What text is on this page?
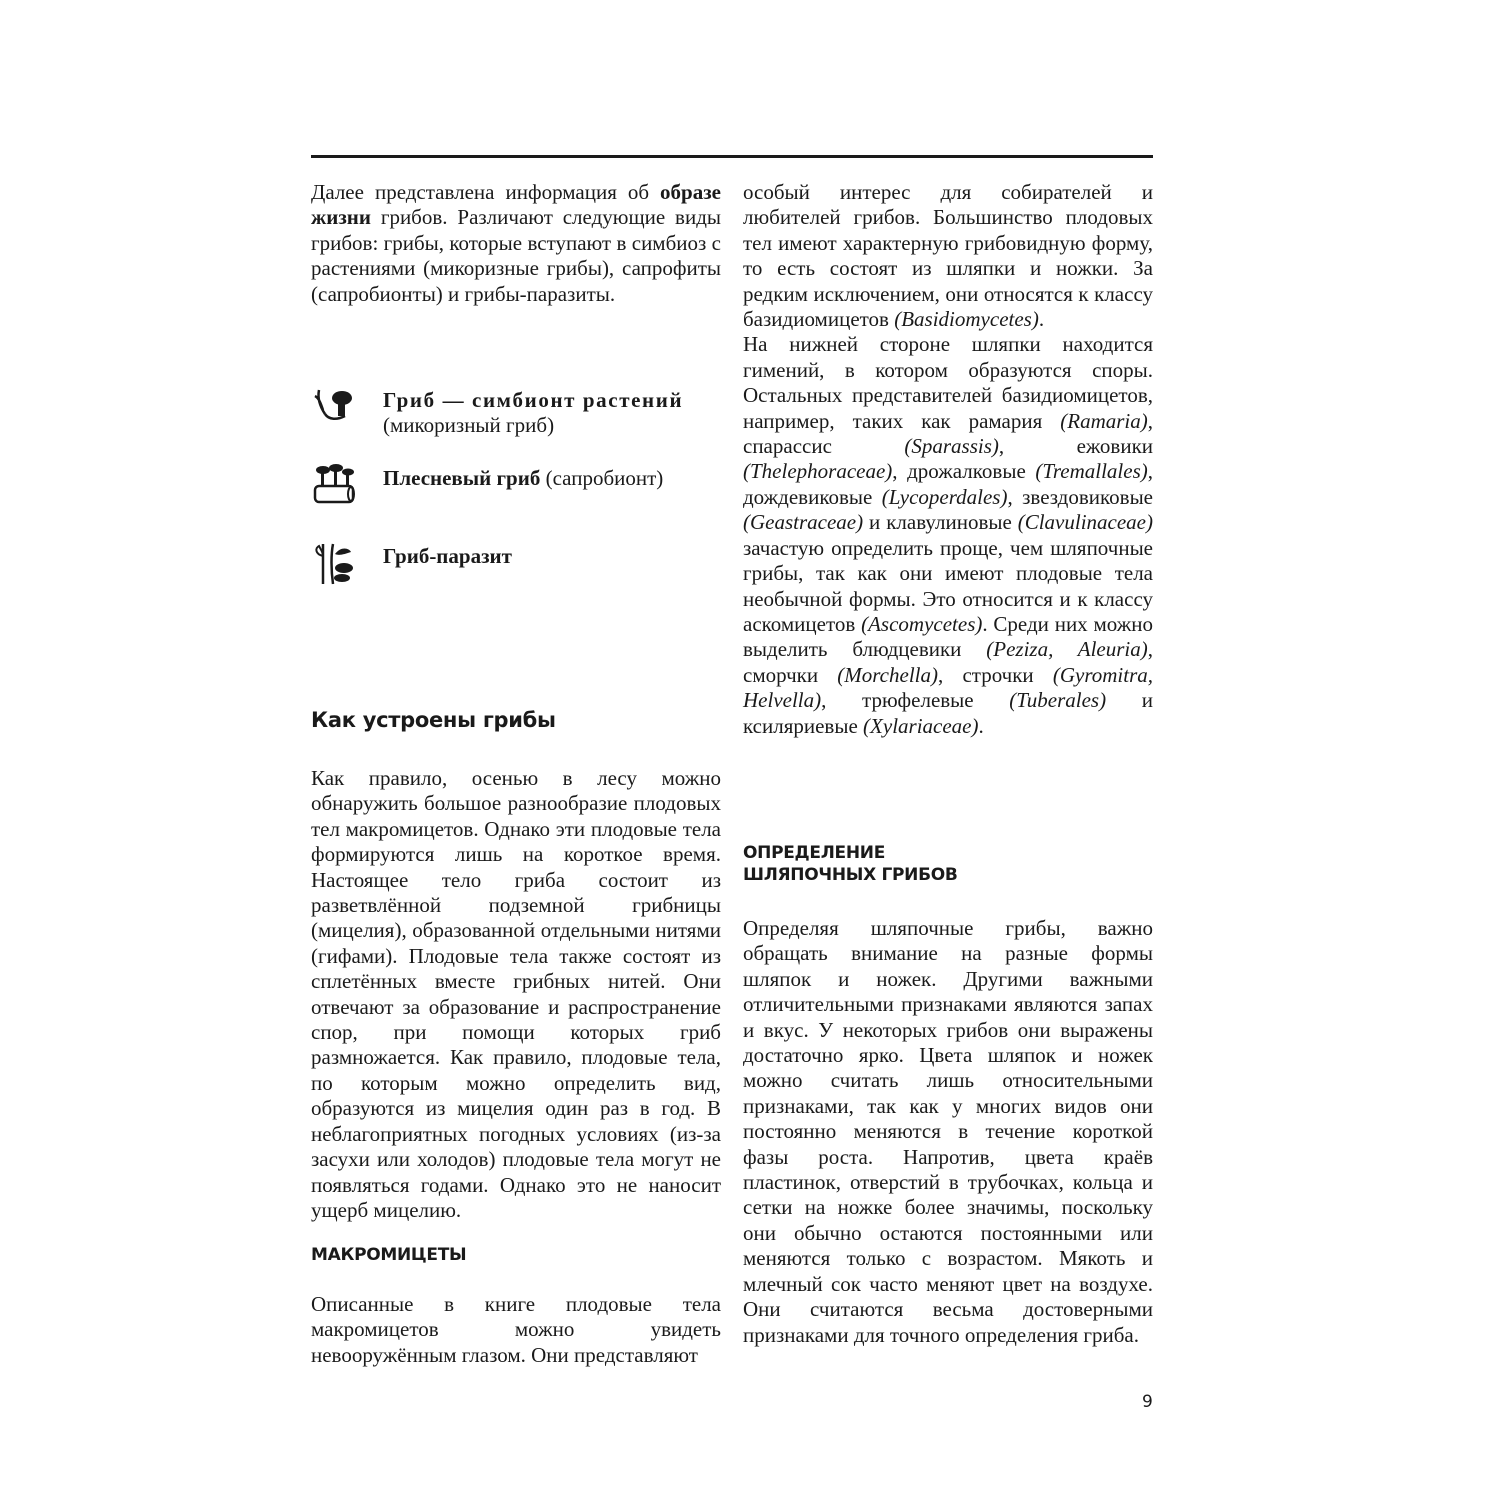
Далее представлена информация об образе жизни грибов. Различают следующие виды грибов: грибы, которые вступают в симбиоз с растениями (микоризные грибы), сапрофиты (сапробионты) и грибы-паразиты.

Гриб — симбионт растений
(микоризный гриб)
Плесневый гриб (сапробионт)
Гриб-паразит
Как устроены грибы

Как правило, осенью в лесу можно обнаружить большое разнообразие плодовых тел макромицетов. Однако эти плодовые тела формируются лишь на короткое время. Настоящее тело гриба состоит из разветвлённой подземной грибницы (мицелия), образованной отдельными нитями (гифами). Плодовые тела также состоят из сплетённых вместе грибных нитей. Они отвечают за образование и распространение спор, при помощи которых гриб размножается. Как правило, плодовые тела, по которым можно определить вид, образуются из мицелия один раз в год. В неблагоприятных погодных условиях (из-за засухи или холодов) плодовые тела могут не появляться годами. Однако это не наносит ущерб мицелию.

МАКРОМИЦЕТЫ

Описанные в книге плодовые тела макромицетов можно увидеть невооружённым глазом. Они представляют

особый интерес для собирателей и любителей грибов. Большинство плодовых тел имеют характерную грибовидную форму, то есть состоят из шляпки и ножки. За редким исключением, они относятся к классу базидиомицетов (Basidiomycetes).

На нижней стороне шляпки находится гимений, в котором образуются споры. Остальных представителей базидиомицетов, например, таких как рамария (Ramaria), спарассис (Sparassis), ежовики (Thelephoraceae), дрожалковые (Tremallales), дождевиковые (Lycoperdales), звездовиковые (Geastraceae) и клавулиновые (Clavulinaceae) зачастую определить проще, чем шляпочные грибы, так как они имеют плодовые тела необычной формы. Это относится и к классу аскомицетов (Ascomycetes). Среди них можно выделить блюдцевики (Peziza, Aleuria), сморчки (Morchella), строчки (Gyromitra, Helvella), трюфелевые (Tuberales) и ксиляриевые (Xylariaceae).

ОПРЕДЕЛЕНИЕ
ШЛЯПОЧНЫХ ГРИБОВ

Определяя шляпочные грибы, важно обращать внимание на разные формы шляпок и ножек. Другими важными отличительными признаками являются запах и вкус. У некоторых грибов они выражены достаточно ярко. Цвета шляпок и ножек можно считать лишь относительными признаками, так как у многих видов они постоянно меняются в течение короткой фазы роста. Напротив, цвета краёв пластинок, отверстий в трубочках, кольца и сетки на ножке более значимы, поскольку они обычно остаются постоянными или меняются только с возрастом. Мякоть и млечный сок часто меняют цвет на воздухе. Они считаются весьма достоверными признаками для точного определения гриба.

9
